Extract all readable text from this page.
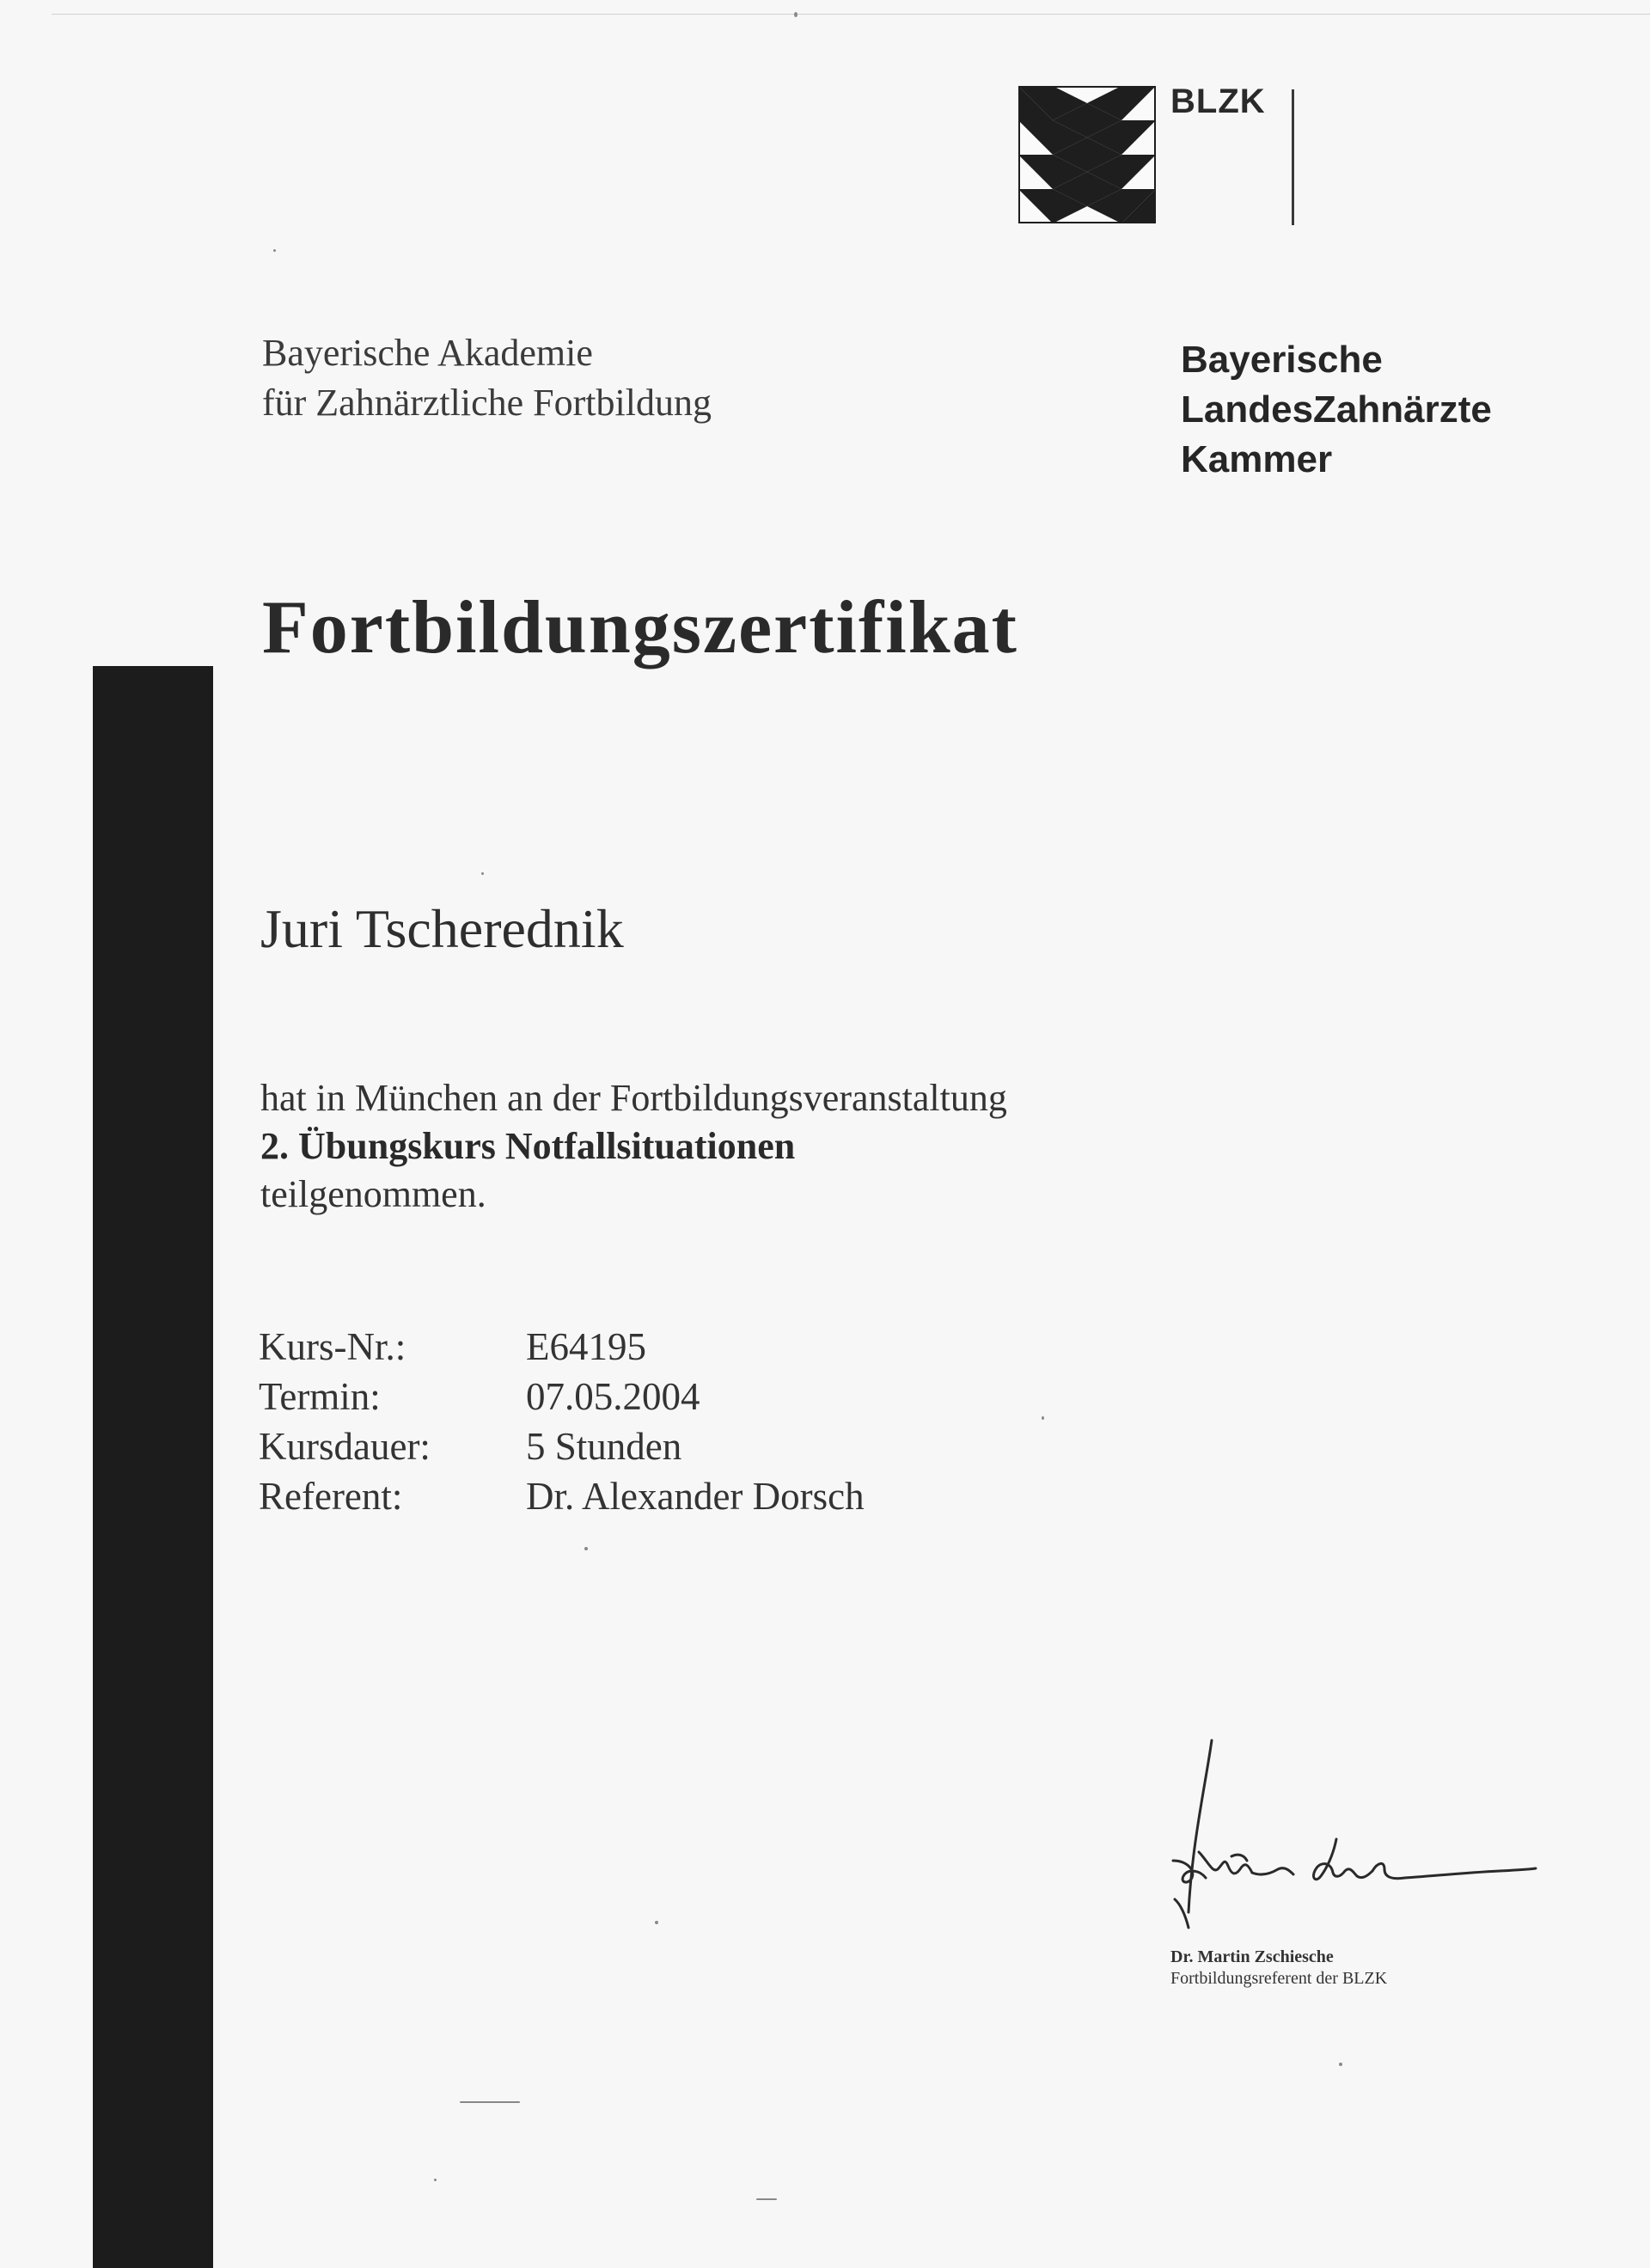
BLZK
Bayerische Akademie
für Zahnärztliche Fortbildung
Bayerische
LandesZahnärzte
Kammer
Fortbildungszertifikat
Juri Tscherednik
hat in München an der Fortbildungsveranstaltung
2. Übungskurs Notfallsituationen
teilgenommen.
Kurs-Nr.:	E64195
Termin:	07.05.2004
Kursdauer: 5 Stunden
Referent:	Dr. Alexander Dorsch
Dr. Martin Zschiesche
Fortbildungsreferent der BLZK
